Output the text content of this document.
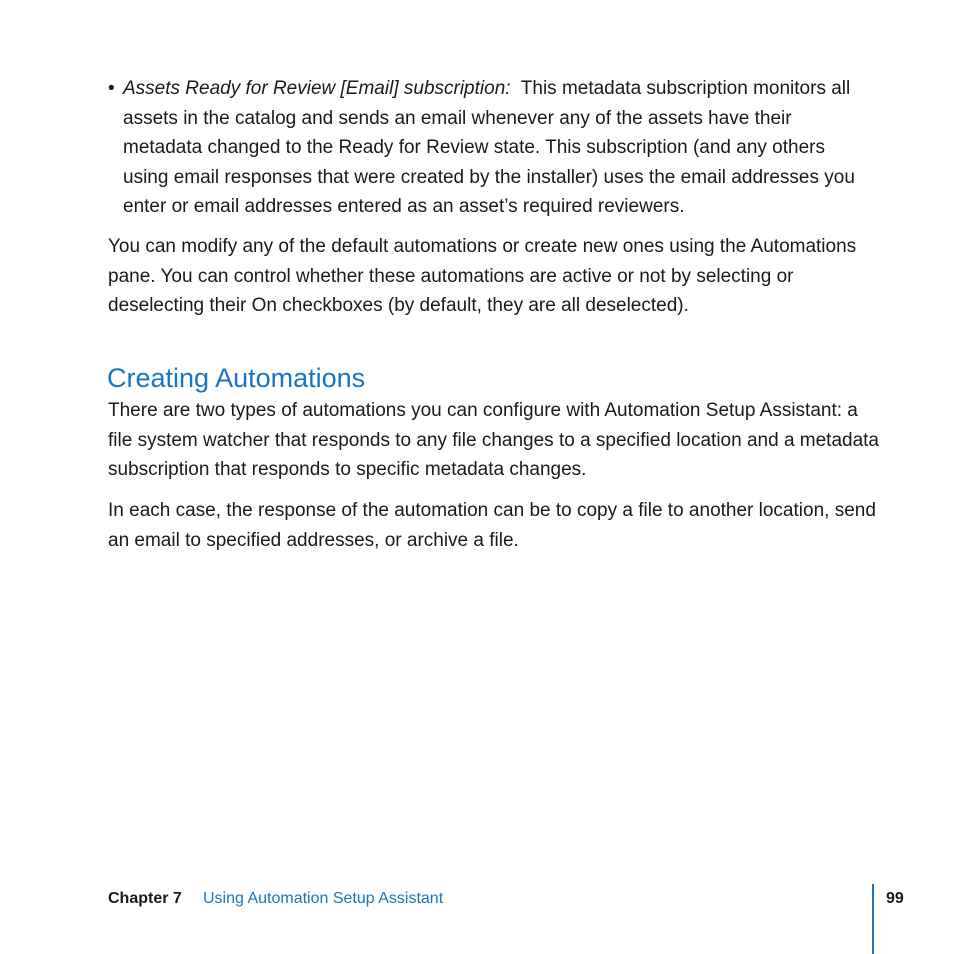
• Assets Ready for Review [Email] subscription: This metadata subscription monitors all assets in the catalog and sends an email whenever any of the assets have their metadata changed to the Ready for Review state. This subscription (and any others using email responses that were created by the installer) uses the email addresses you enter or email addresses entered as an asset’s required reviewers.

You can modify any of the default automations or create new ones using the Automations pane. You can control whether these automations are active or not by selecting or deselecting their On checkboxes (by default, they are all deselected).

Creating Automations

There are two types of automations you can configure with Automation Setup Assistant: a file system watcher that responds to any file changes to a specified location and a metadata subscription that responds to specific metadata changes.

In each case, the response of the automation can be to copy a file to another location, send an email to specified addresses, or archive a file.

Chapter 7 Using Automation Setup Assistant	99
